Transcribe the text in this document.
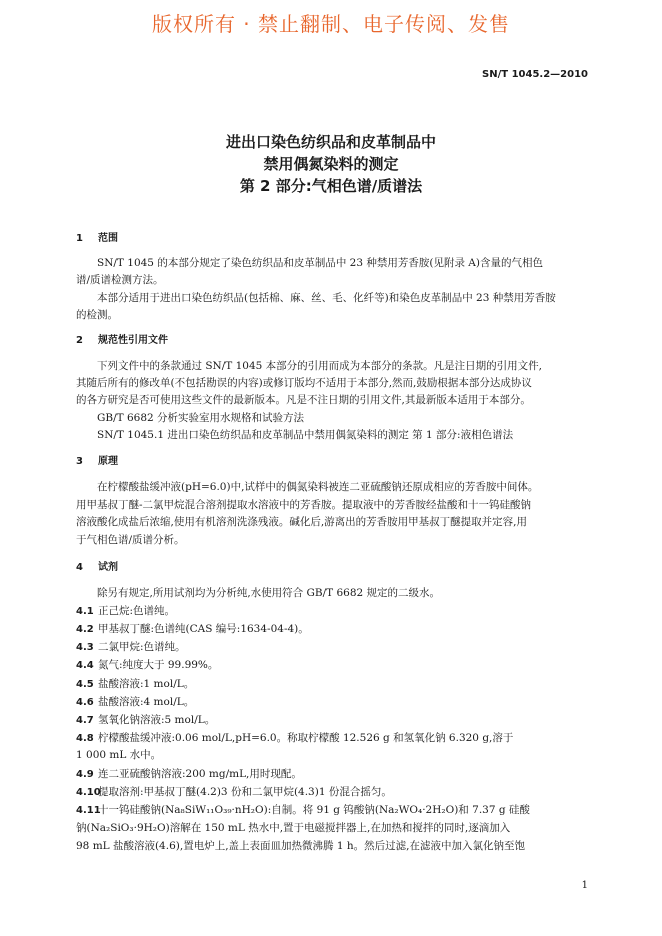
版权所有 · 禁止翻制、电子传阅、发售
SN/T 1045.2—2010
进出口染色纺织品和皮革制品中
禁用偶氮染料的测定
第 2 部分:气相色谱/质谱法
1 范围
SN/T 1045 的本部分规定了染色纺织品和皮革制品中 23 种禁用芳香胺(见附录 A)含量的气相色
谱/质谱检测方法。
本部分适用于进出口染色纺织品(包括棉、麻、丝、毛、化纤等)和染色皮革制品中 23 种禁用芳香胺
的检测。
2 规范性引用文件
下列文件中的条款通过 SN/T 1045 本部分的引用而成为本部分的条款。凡是注日期的引用文件,
其随后所有的修改单(不包括勘误的内容)或修订版均不适用于本部分,然而,鼓励根据本部分达成协议
的各方研究是否可使用这些文件的最新版本。凡是不注日期的引用文件,其最新版本适用于本部分。
GB/T 6682 分析实验室用水规格和试验方法
SN/T 1045.1 进出口染色纺织品和皮革制品中禁用偶氮染料的测定 第 1 部分:液相色谱法
3 原理
在柠檬酸盐缓冲液(pH=6.0)中,试样中的偶氮染料被连二亚硫酸钠还原成相应的芳香胺中间体。
用甲基叔丁醚-二氯甲烷混合溶剂提取水溶液中的芳香胺。提取液中的芳香胺经盐酸和十一钨硅酸钠
溶液酸化成盐后浓缩,使用有机溶剂洗涤残液。碱化后,游离出的芳香胺用甲基叔丁醚提取并定容,用
于气相色谱/质谱分析。
4 试剂
除另有规定,所用试剂均为分析纯,水使用符合 GB/T 6682 规定的二级水。
4.1 正己烷:色谱纯。
4.2 甲基叔丁醚:色谱纯(CAS 编号:1634-04-4)。
4.3 二氯甲烷:色谱纯。
4.4 氮气:纯度大于 99.99%。
4.5 盐酸溶液:1 mol/L。
4.6 盐酸溶液:4 mol/L。
4.7 氢氧化钠溶液:5 mol/L。
4.8 柠檬酸盐缓冲液:0.06 mol/L,pH=6.0。称取柠檬酸 12.526 g 和氢氧化钠 6.320 g,溶于
1 000 mL 水中。
4.9 连二亚硫酸钠溶液:200 mg/mL,用时现配。
4.10提取溶剂:甲基叔丁醚(4.2)3 份和二氯甲烷(4.3)1 份混合摇匀。
4.11十一钨硅酸钠(Na₈SiW₁₁O₃₉·nH₂O):自制。将 91 g 钨酸钠(Na₂WO₄·2H₂O)和 7.37 g 硅酸
钠(Na₂SiO₃·9H₂O)溶解在 150 mL 热水中,置于电磁搅拌器上,在加热和搅拌的同时,逐滴加入
98 mL 盐酸溶液(4.6),置电炉上,盖上表面皿加热微沸腾 1 h。然后过滤,在滤液中加入氯化钠至饱
1
